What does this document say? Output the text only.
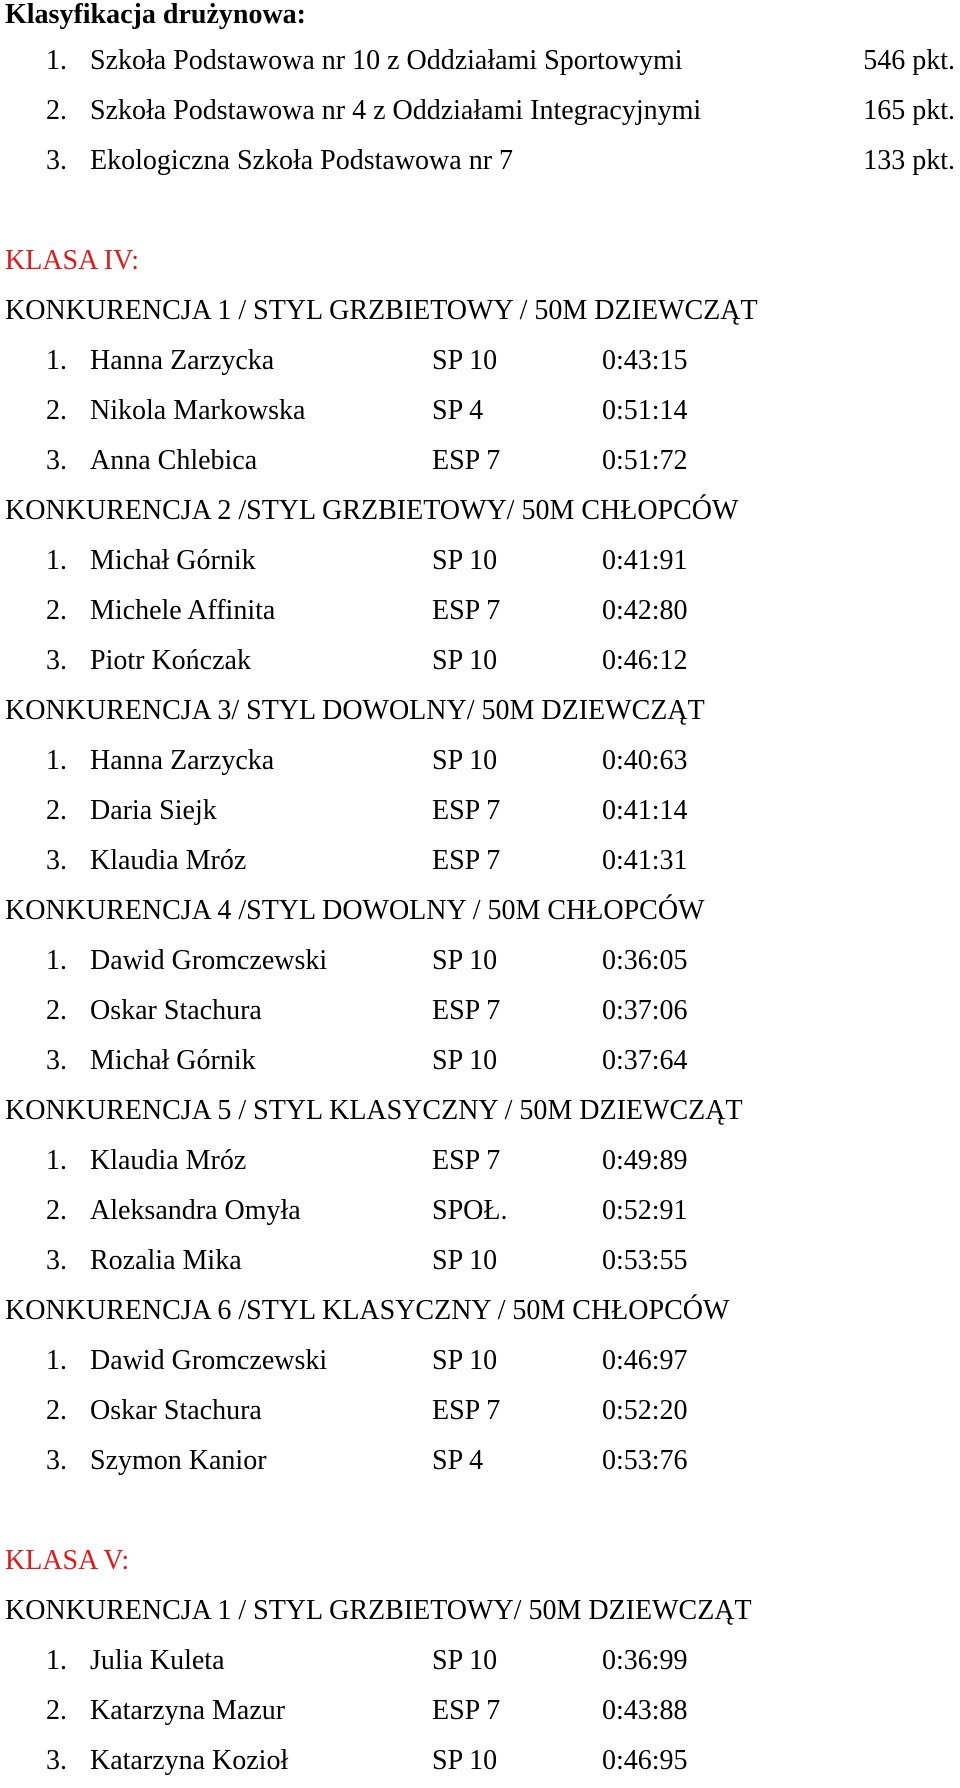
Klasyfikacja drużynowa:
1. Szkoła Podstawowa nr 10 z Oddziałami Sportowymi	546 pkt.
2. Szkoła Podstawowa nr 4 z Oddziałami Integracyjnymi	165 pkt.
3. Ekologiczna Szkoła Podstawowa nr 7	133 pkt.
KLASA IV:
KONKURENCJA 1 / STYL GRZBIETOWY / 50M DZIEWCZĄT
1. Hanna Zarzycka	SP 10	0:43:15
2. Nikola Markowska	SP 4	0:51:14
3. Anna Chlebica	ESP 7	0:51:72
KONKURENCJA 2 /STYL GRZBIETOWY/ 50M CHŁOPCÓW
1. Michał Górnik	SP 10	0:41:91
2. Michele Affinita	ESP 7	0:42:80
3. Piotr Kończak	SP 10	0:46:12
KONKURENCJA 3/ STYL DOWOLNY/ 50M DZIEWCZĄT
1. Hanna Zarzycka	SP 10	0:40:63
2. Daria Siejk	ESP 7	0:41:14
3. Klaudia Mróz	ESP 7	0:41:31
KONKURENCJA 4 /STYL DOWOLNY / 50M CHŁOPCÓW
1. Dawid Gromczewski	SP 10	0:36:05
2. Oskar Stachura	ESP 7	0:37:06
3. Michał Górnik	SP 10	0:37:64
KONKURENCJA 5 / STYL KLASYCZNY / 50M DZIEWCZĄT
1. Klaudia Mróz	ESP 7	0:49:89
2. Aleksandra Omyła	SPOŁ.	0:52:91
3. Rozalia Mika	SP 10	0:53:55
KONKURENCJA 6 /STYL KLASYCZNY / 50M CHŁOPCÓW
1. Dawid Gromczewski	SP 10	0:46:97
2. Oskar Stachura	ESP 7	0:52:20
3. Szymon Kanior	SP 4	0:53:76
KLASA V:
KONKURENCJA 1 / STYL GRZBIETOWY/ 50M DZIEWCZĄT
1. Julia Kuleta	SP 10	0:36:99
2. Katarzyna Mazur	ESP 7	0:43:88
3. Katarzyna Kozioł	SP 10	0:46:95
